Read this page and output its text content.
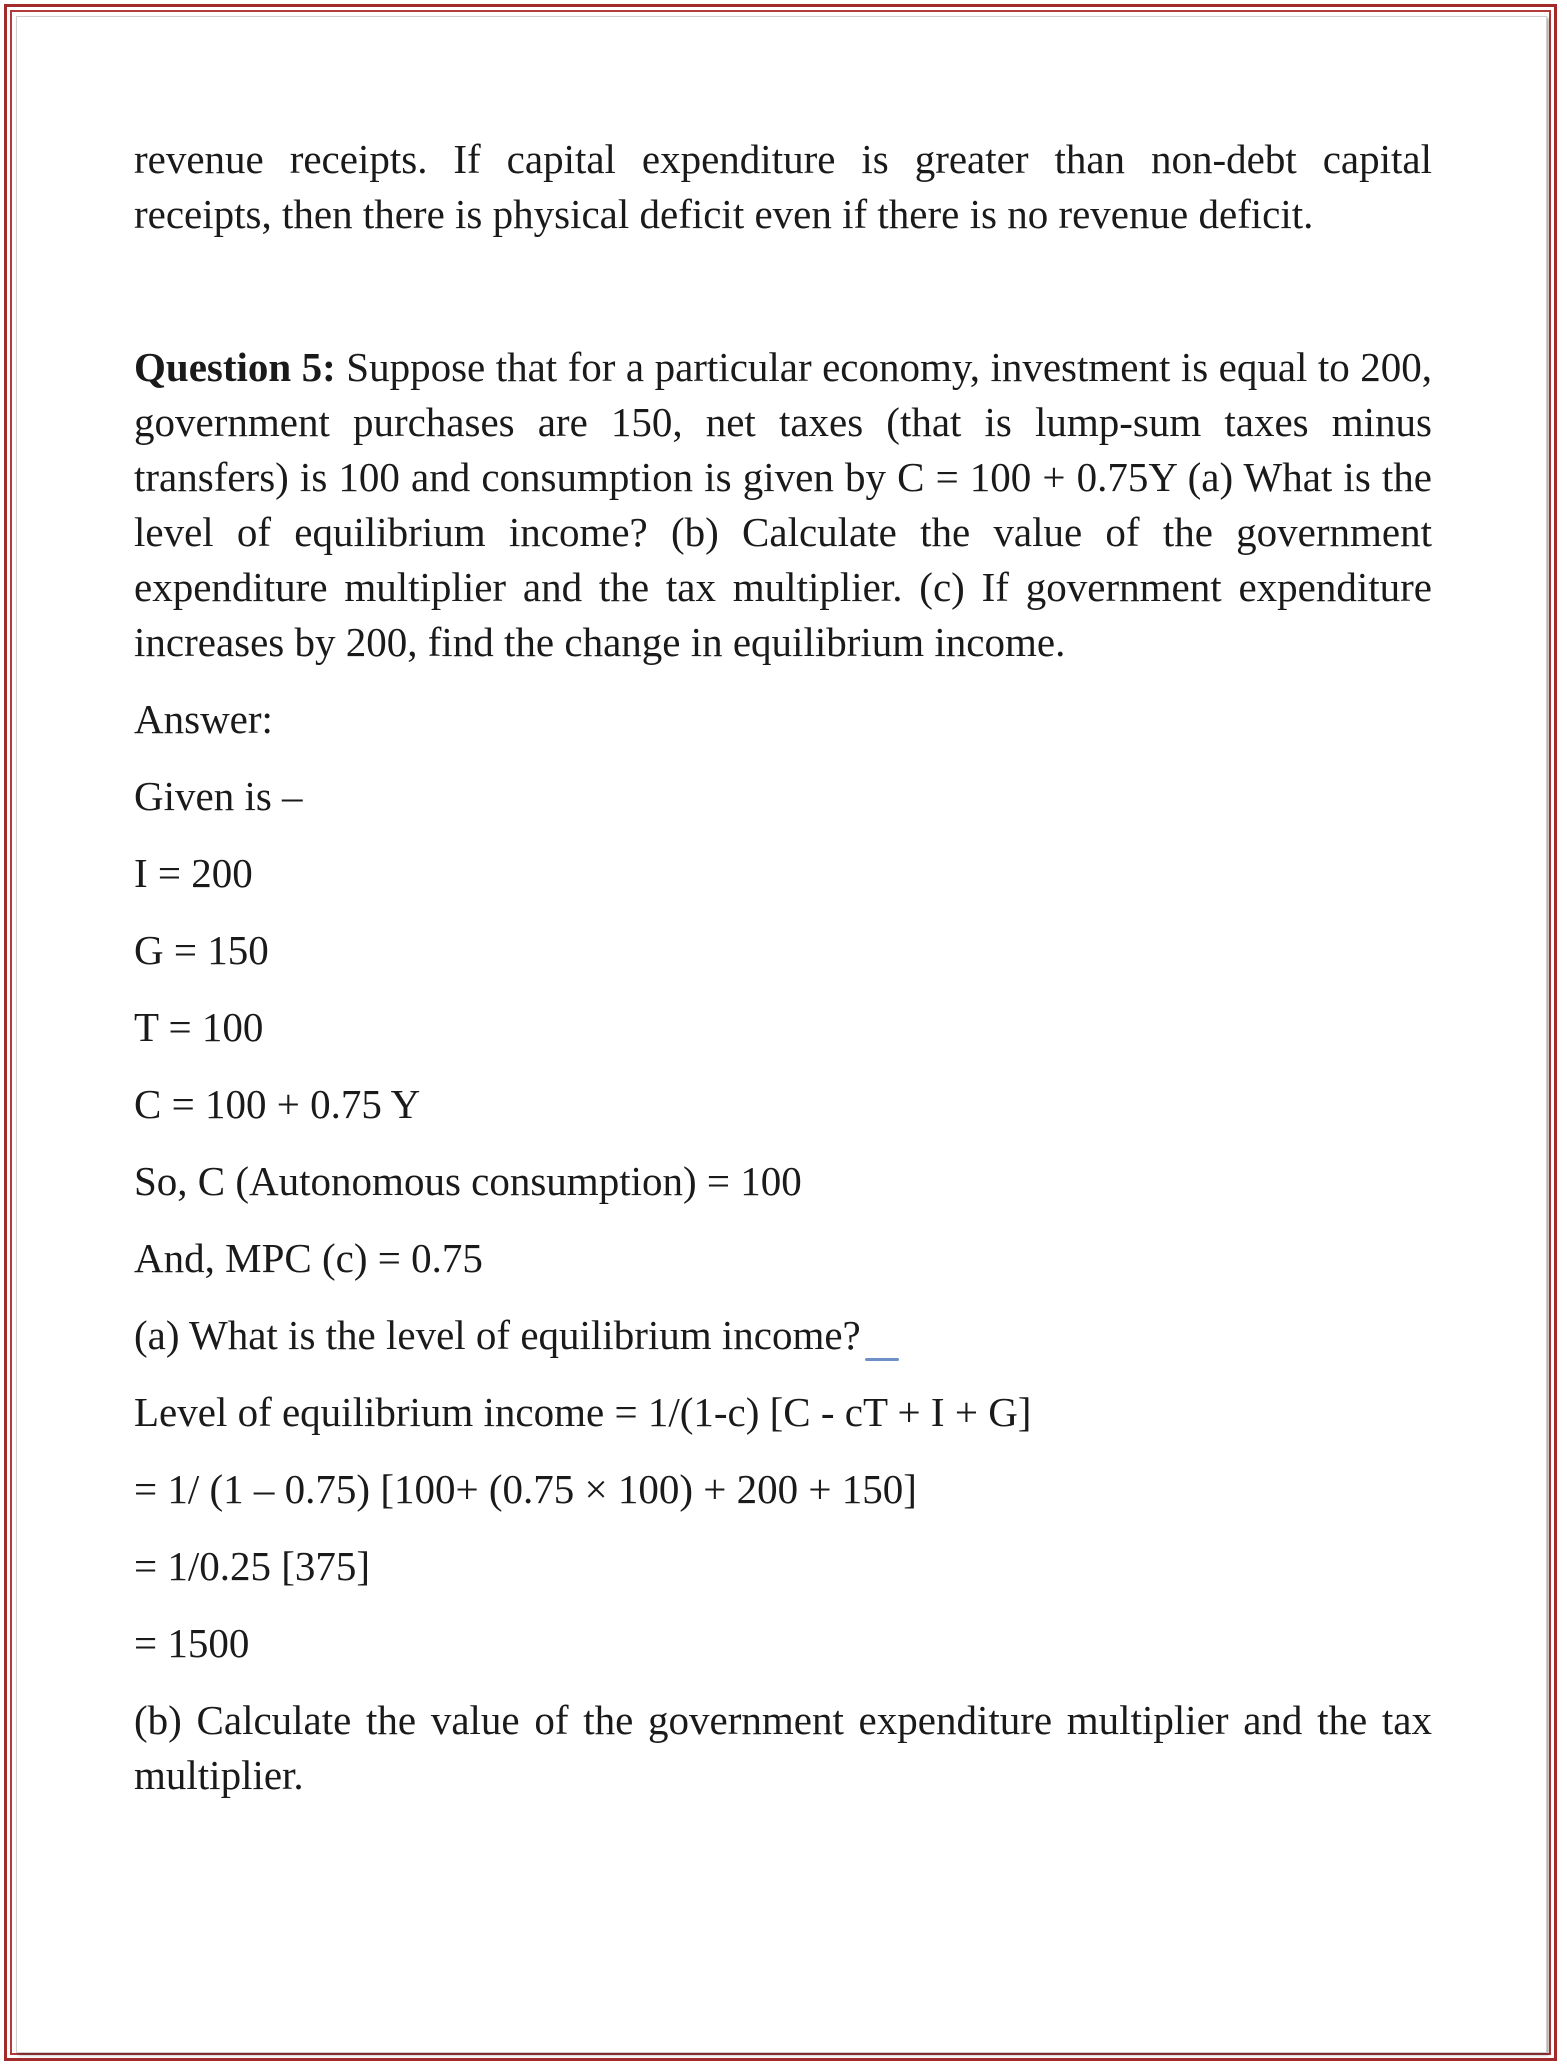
revenue receipts. If capital expenditure is greater than non-debt capital receipts, then there is physical deficit even if there is no revenue deficit.

Question 5: Suppose that for a particular economy, investment is equal to 200, government purchases are 150, net taxes (that is lump-sum taxes minus transfers) is 100 and consumption is given by C = 100 + 0.75Y (a) What is the level of equilibrium income? (b) Calculate the value of the government expenditure multiplier and the tax multiplier. (c) If government expenditure increases by 200, find the change in equilibrium income.

Answer:

Given is –

I = 200

G = 150

T = 100

C = 100 + 0.75 Y

So, C (Autonomous consumption) = 100

And, MPC (c) = 0.75

(a) What is the level of equilibrium income?

Level of equilibrium income = 1/(1-c) [C - cT + I + G]

= 1/ (1 – 0.75) [100+ (0.75 × 100) + 200 + 150]

= 1/0.25 [375]

= 1500

(b) Calculate the value of the government expenditure multiplier and the tax multiplier.
